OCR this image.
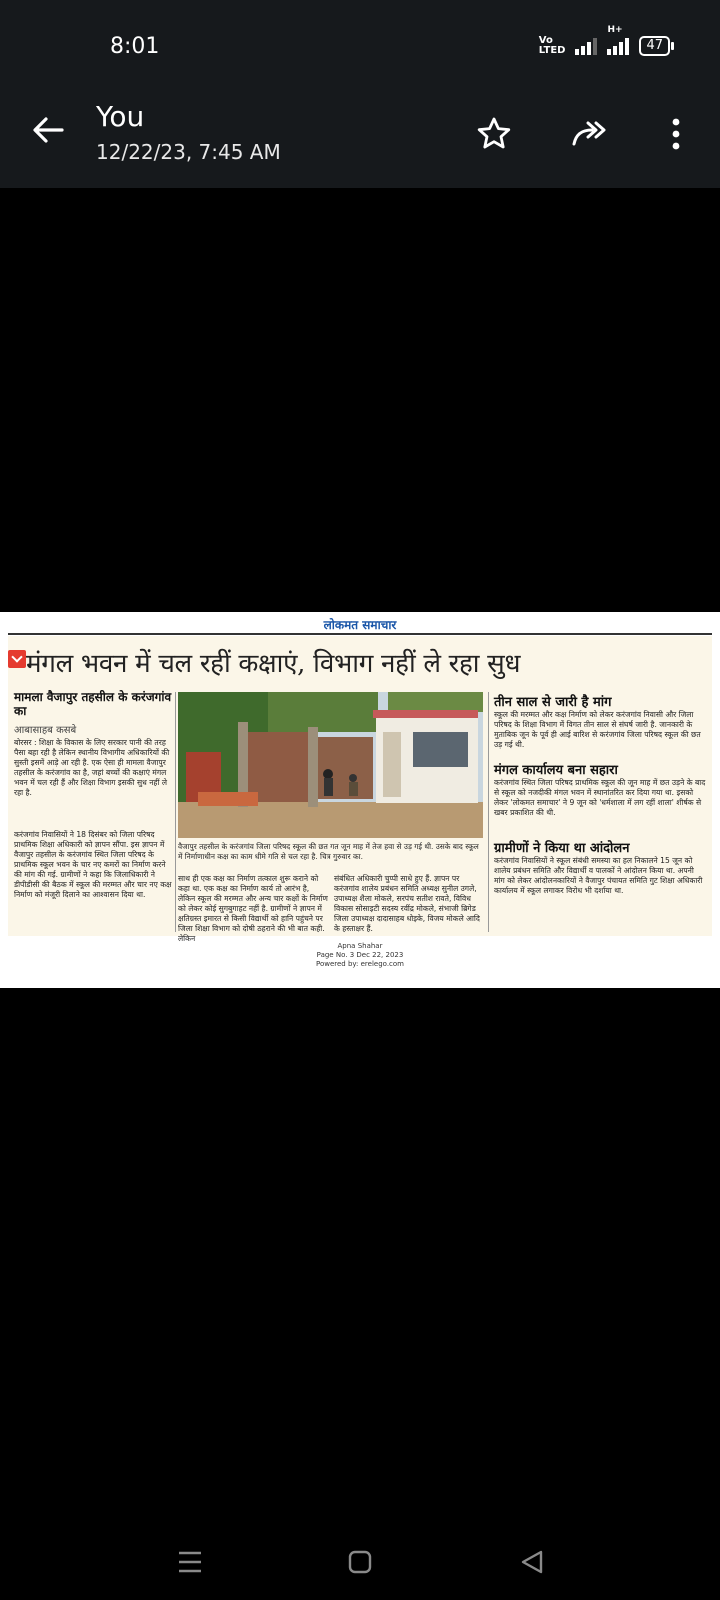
8:01	Vo
LTED
H+
47
You
12/22/23, 7:45 AM
लोकमत समाचार
मंगल भवन में चल रहीं कक्षाएं, विभाग नहीं ले रहा सुध
मामला वैजापुर तहसील के करंजगांव का
आबासाहब कसबे
बोरसर : शिक्षा के विकास के लिए सरकार पानी की तरह पैसा बहा रही है लेकिन स्थानीय विभागीय अधिकारियों की सुस्ती इसमें आड़े आ रही है. एक ऐसा ही मामला वैजापुर तहसील के करंजगांव का है, जहां बच्चों की कक्षाएं मंगल भवन में चल रही हैं और शिक्षा विभाग इसकी सुध नहीं ले रहा है.
करंजगांव निवासियों ने 18 दिसंबर को जिला परिषद प्राथमिक शिक्षा अधिकारी को ज्ञापन सौंपा. इस ज्ञापन में वैजापुर तहसील के करंजगांव स्थित जिला परिषद के प्राथमिक स्कूल भवन के चार नए कमरों का निर्माण करने की मांग की गई. ग्रामीणों ने कहा कि जिलाधिकारी ने डीपीडीसी की बैठक में स्कूल की मरम्मत और चार नए कक्ष निर्माण को मंजूरी दिलाने का आश्वासन दिया था.
वैजापुर तहसील के करंजगांव जिला परिषद स्कूल की छत गत जून माह में तेज हवा से उड़ गई थी. उसके बाद स्कूल में निर्माणाधीन कक्ष का काम धीमे गति से चल रहा है. चित्र गुरुवार का.
साथ ही एक कक्ष का निर्माण तत्काल शुरू कराने को कहा था. एक कक्ष का निर्माण कार्य तो आरंभ है, लेकिन स्कूल की मरम्मत और अन्य चार कक्षों के निर्माण को लेकर कोई सुगबुगाहट नहीं है. ग्रामीणों ने ज्ञापन में क्षतिग्रस्त इमारत से किसी विद्यार्थी को हानि पहुंचने पर जिला शिक्षा विभाग को दोषी ठहराने की भी बात कही. लेकिन
संबंधित अधिकारी चुप्पी साधे हुए हैं. ज्ञापन पर करंजगांव शालेय प्रबंधन समिति अध्यक्ष सुनील उगले, उपाध्यक्ष शैला मोकले, सरपंच सतीश रावते, विविध विकास सोसाइटी सदस्य रवींद्र मोकले, संभाजी ब्रिगेड जिला उपाध्यक्ष दादासाहब धोइके, विजय मोकले आदि के हस्ताक्षर हैं.
तीन साल से जारी है मांग
स्कूल की मरम्मत और कक्ष निर्माण को लेकर करंजगांव निवासी और जिला परिषद के शिक्षा विभाग में विगत तीन साल से संघर्ष जारी है. जानकारी के मुताबिक जून के पूर्व ही आई बारिश से करंजगांव जिला परिषद स्कूल की छत उड़ गई थी.
मंगल कार्यालय बना सहारा
करंजगांव स्थित जिला परिषद प्राथमिक स्कूल की जून माह में छत उड़ने के बाद से स्कूल को नजदीकी मंगल भवन में स्थानांतरित कर दिया गया था. इसको लेकर 'लोकमत समाचार' ने 9 जून को 'धर्मशाला में लग रहीं शाला' शीर्षक से खबर प्रकाशित की थी.
ग्रामीणों ने किया था आंदोलन
करंजगांव निवासियों ने स्कूल संबंधी समस्या का हल निकालने 15 जून को शालेय प्रबंधन समिति और विद्यार्थी व पालकों ने आंदोलन किया था. अपनी मांग को लेकर आंदोलनकारियों ने वैजापुर पंचायत समिति गुट शिक्षा अधिकारी कार्यालय में स्कूल लगाकर विरोध भी दर्शाया था.
Apna Shahar
Page No. 3 Dec 22, 2023
Powered by: erelego.com
